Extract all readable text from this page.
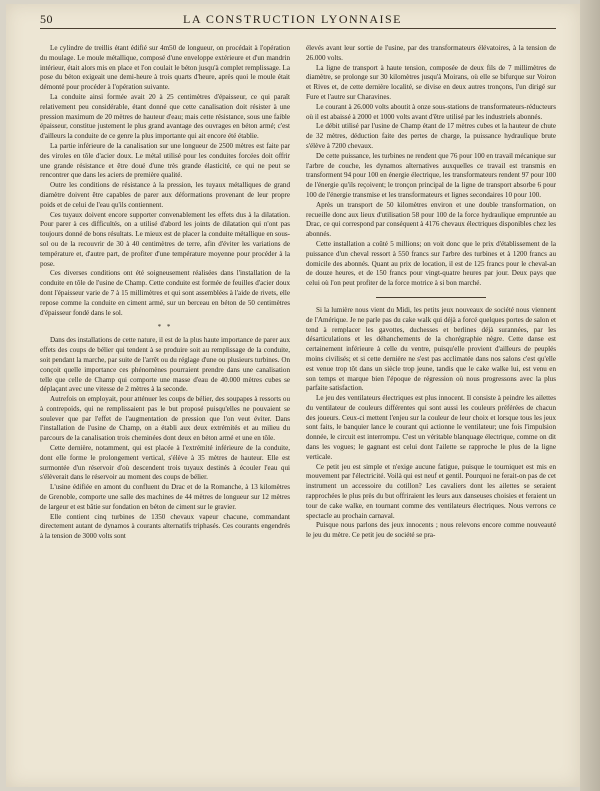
50	LA CONSTRUCTION LYONNAISE

Le cylindre de treillis étant édifié sur 4m50 de longueur, on procédait à l'opération du moulage. Le moule métallique, composé d'une enveloppe extérieure et d'un mandrin intérieur, était alors mis en place et l'on coulait le béton jusqu'à complet remplissage. La pose du béton exigeait une demi-heure à trois quarts d'heure, après quoi le moule était démonté pour procéder à l'opération suivante.

La conduite ainsi formée avait 20 à 25 centimètres d'épaisseur, ce qui paraît relativement peu considérable, étant donné que cette canalisation doit résister à une pression maximum de 20 mètres de hauteur d'eau; mais cette résistance, sous une faible épaisseur, constitue justement le plus grand avantage des ouvrages en béton armé; c'est d'ailleurs la conduite de ce genre la plus importante qui ait encore été établie.

La partie inférieure de la canalisation sur une longueur de 2500 mètres est faite par des viroles en tôle d'acier doux. Le métal utilisé pour les conduites forcées doit offrir une grande résistance et être doué d'une très grande élasticité, ce qui ne peut se rencontrer que dans les aciers de première qualité.

Outre les conditions de résistance à la pression, les tuyaux métalliques de grand diamètre doivent être capables de parer aux déformations provenant de leur propre poids et de celui de l'eau qu'ils contiennent.

Ces tuyaux doivent encore supporter convenablement les effets dus à la dilatation. Pour parer à ces difficultés, on a utilisé d'abord les joints de dilatation qui n'ont pas toujours donné de bons résultats. Le mieux est de placer la conduite métallique en sous-sol ou de la recouvrir de 30 à 40 centimètres de terre, afin d'éviter les variations de température et, d'autre part, de profiter d'une température moyenne pour procéder à la pose.

Ces diverses conditions ont été soigneusement réalisées dans l'installation de la conduite en tôle de l'usine de Champ. Cette conduite est formée de feuilles d'acier doux dont l'épaisseur varie de 7 à 15 millimètres et qui sont assemblées à l'aide de rivets, elle repose comme la conduite en ciment armé, sur un berceau en béton de 50 centimètres d'épaisseur fondé dans le sol.

* *

Dans des installations de cette nature, il est de la plus haute importance de parer aux effets des coups de bélier qui tendent à se produire soit au remplissage de la conduite, soit pendant la marche, par suite de l'arrêt ou du réglage d'une ou plusieurs turbines. On conçoit quelle importance ces phénomènes pourraient prendre dans une canalisation telle que celle de Champ qui comporte une masse d'eau de 40.000 mètres cubes se déplaçant avec une vitesse de 2 mètres à la seconde.

Autrefois on employait, pour atténuer les coups de bélier, des soupapes à ressorts ou à contrepoids, qui ne remplissaient pas le but proposé puisqu'elles ne pouvaient se soulever que par l'effet de l'augmentation de pression que l'on veut éviter. Dans l'installation de l'usine de Champ, on a établi aux deux extrémités et au milieu du parcours de la canalisation trois cheminées dont deux en béton armé et une en tôle.

Cette dernière, notamment, qui est placée à l'extrémité inférieure de la conduite, dont elle forme le prolongement vertical, s'élève à 35 mètres de hauteur. Elle est surmontée d'un réservoir d'où descendent trois tuyaux destinés à écouler l'eau qui s'élèverait dans le réservoir au moment des coups de bélier.

L'usine édifiée en amont du confluent du Drac et de la Romanche, à 13 kilomètres de Grenoble, comporte une salle des machines de 44 mètres de longueur sur 12 mètres de largeur et est bâtie sur fondation en béton de ciment sur le gravier.

Elle contient cinq turbines de 1350 chevaux vapeur chacune, commandant directement autant de dynamos à courants alternatifs triphasés. Ces courants engendrés à la tension de 3000 volts sont

élevés avant leur sortie de l'usine, par des transformateurs élévatoires, à la tension de 26.000 volts.

La ligne de transport à haute tension, composée de deux fils de 7 millimètres de diamètre, se prolonge sur 30 kilomètres jusqu'à Moirans, où elle se bifurque sur Voiron et Rives et, de cette dernière localité, se divise en deux autres tronçons, l'un dirigé sur Fure et l'autre sur Charavines.

Le courant à 26.000 volts aboutit à onze sous-stations de transformateurs-réducteurs où il est abaissé à 2000 et 1000 volts avant d'être utilisé par les industriels abonnés.

Le débit utilisé par l'usine de Champ étant de 17 mètres cubes et la hauteur de chute de 32 mètres, déduction faite des pertes de charge, la puissance hydraulique brute s'élève à 7200 chevaux.

De cette puissance, les turbines ne rendent que 76 pour 100 en travail mécanique sur l'arbre de couche, les dynamos alternatives auxquelles ce travail est transmis en transforment 94 pour 100 en énergie électrique, les transformateurs rendent 97 pour 100 de l'énergie qu'ils reçoivent; le tronçon principal de la ligne de transport absorbe 6 pour 100 de l'énergie transmise et les transformateurs et lignes secondaires 10 pour 100.

Après un transport de 50 kilomètres environ et une double transformation, on recueille donc aux lieux d'utilisation 58 pour 100 de la force hydraulique empruntée au Drac, ce qui correspond par conséquent à 4176 chevaux électriques disponibles chez les abonnés.

Cette installation a coûté 5 millions; on voit donc que le prix d'établissement de la puissance d'un cheval ressort à 550 francs sur l'arbre des turbines et à 1200 francs au domicile des abonnés. Quant au prix de location, il est de 125 francs pour le cheval-an de douze heures, et de 150 francs pour vingt-quatre heures par jour. Deux pays que celui où l'on peut profiter de la force motrice à si bon marché.

Si la lumière nous vient du Midi, les petits jeux nouveaux de société nous viennent de l'Amérique. Je ne parle pas du cake walk qui déjà a forcé quelques portes de salon et tend à remplacer les gavottes, duchesses et berlines déjà surannées, par les désarticulations et les déhanchements de la chorégraphie nègre. Cette danse est certainement inférieure à celle du ventre, puisqu'elle provient d'ailleurs de peuplés moins civilisés; et si cette dernière ne s'est pas acclimatée dans nos salons c'est qu'elle est venue trop tôt dans un siècle trop jeune, tandis que le cake walke lui, est venu en son temps et marque bien l'époque de régression où nous progressons avec la plus parfaite satisfaction.

Le jeu des ventilateurs électriques est plus innocent. Il consiste à peindre les ailettes du ventilateur de couleurs différentes qui sont aussi les couleurs préférées de chacun des joueurs. Ceux-ci mettent l'enjeu sur la couleur de leur choix et lorsque tous les jeux sont faits, le banquier lance le courant qui actionne le ventilateur; une fois l'impulsion donnée, le circuit est interrompu. C'est un véritable blanquage électrique, comme on dit dans les vogues; le gagnant est celui dont l'ailette se rapproche le plus de la ligne verticale.

Ce petit jeu est simple et n'exige aucune fatigue, puisque le tourniquet est mis en mouvement par l'électricité. Voilà qui est neuf et gentil. Pourquoi ne ferait-on pas de cet instrument un accessoire du cotillon? Les cavaliers dont les ailettes se seraient rapprochées le plus près du but offriraient les leurs aux danseuses choisies et feraient un tour de cake walke, en tournant comme des ventilateurs électriques. Nous verrons ce spectacle au prochain carnaval.

Puisque nous parlons des jeux innocents ; nous relevons encore comme nouveauté le jeu du mètre. Ce petit jeu de société se pra-
